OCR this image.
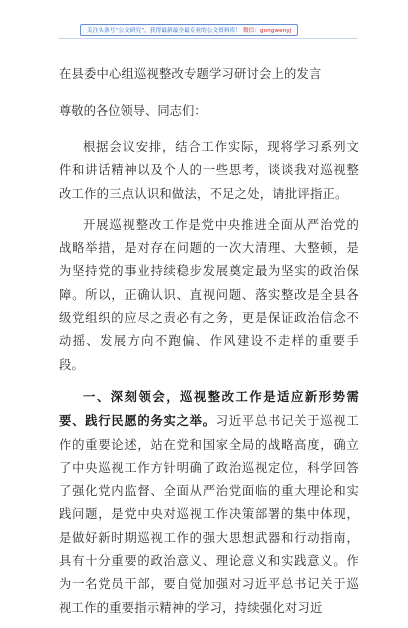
关注头条号“公文研究”，获得最新最全最专业的公文资料库！ 微信：gongwenyj
在县委中心组巡视整改专题学习研讨会上的发言
尊敬的各位领导、同志们：

根据会议安排，结合工作实际，现将学习系列文件和讲话精神以及个人的一些思考，谈谈我对巡视整改工作的三点认识和做法，不足之处，请批评指正。

开展巡视整改工作是党中央推进全面从严治党的战略举措，是对存在问题的一次大清理、大整顿，是为坚持党的事业持续稳步发展奠定最为坚实的政治保障。所以，正确认识、直视问题、落实整改是全县各级党组织的应尽之责必有之务，更是保证政治信念不动摇、发展方向不跑偏、作风建设不走样的重要手段。

一、深刻领会，巡视整改工作是适应新形势需要、践行民愿的务实之举。习近平总书记关于巡视工作的重要论述，站在党和国家全局的战略高度，确立了中央巡视工作方针明确了政治巡视定位，科学回答了强化党内监督、全面从严治党面临的重大理论和实践问题，是党中央对巡视工作决策部署的集中体现，是做好新时期巡视工作的强大思想武器和行动指南，具有十分重要的政治意义、理论意义和实践意义。作为一名党员干部，要自觉加强对习近平总书记关于巡视工作的重要指示精神的学习，持续强化对习近
